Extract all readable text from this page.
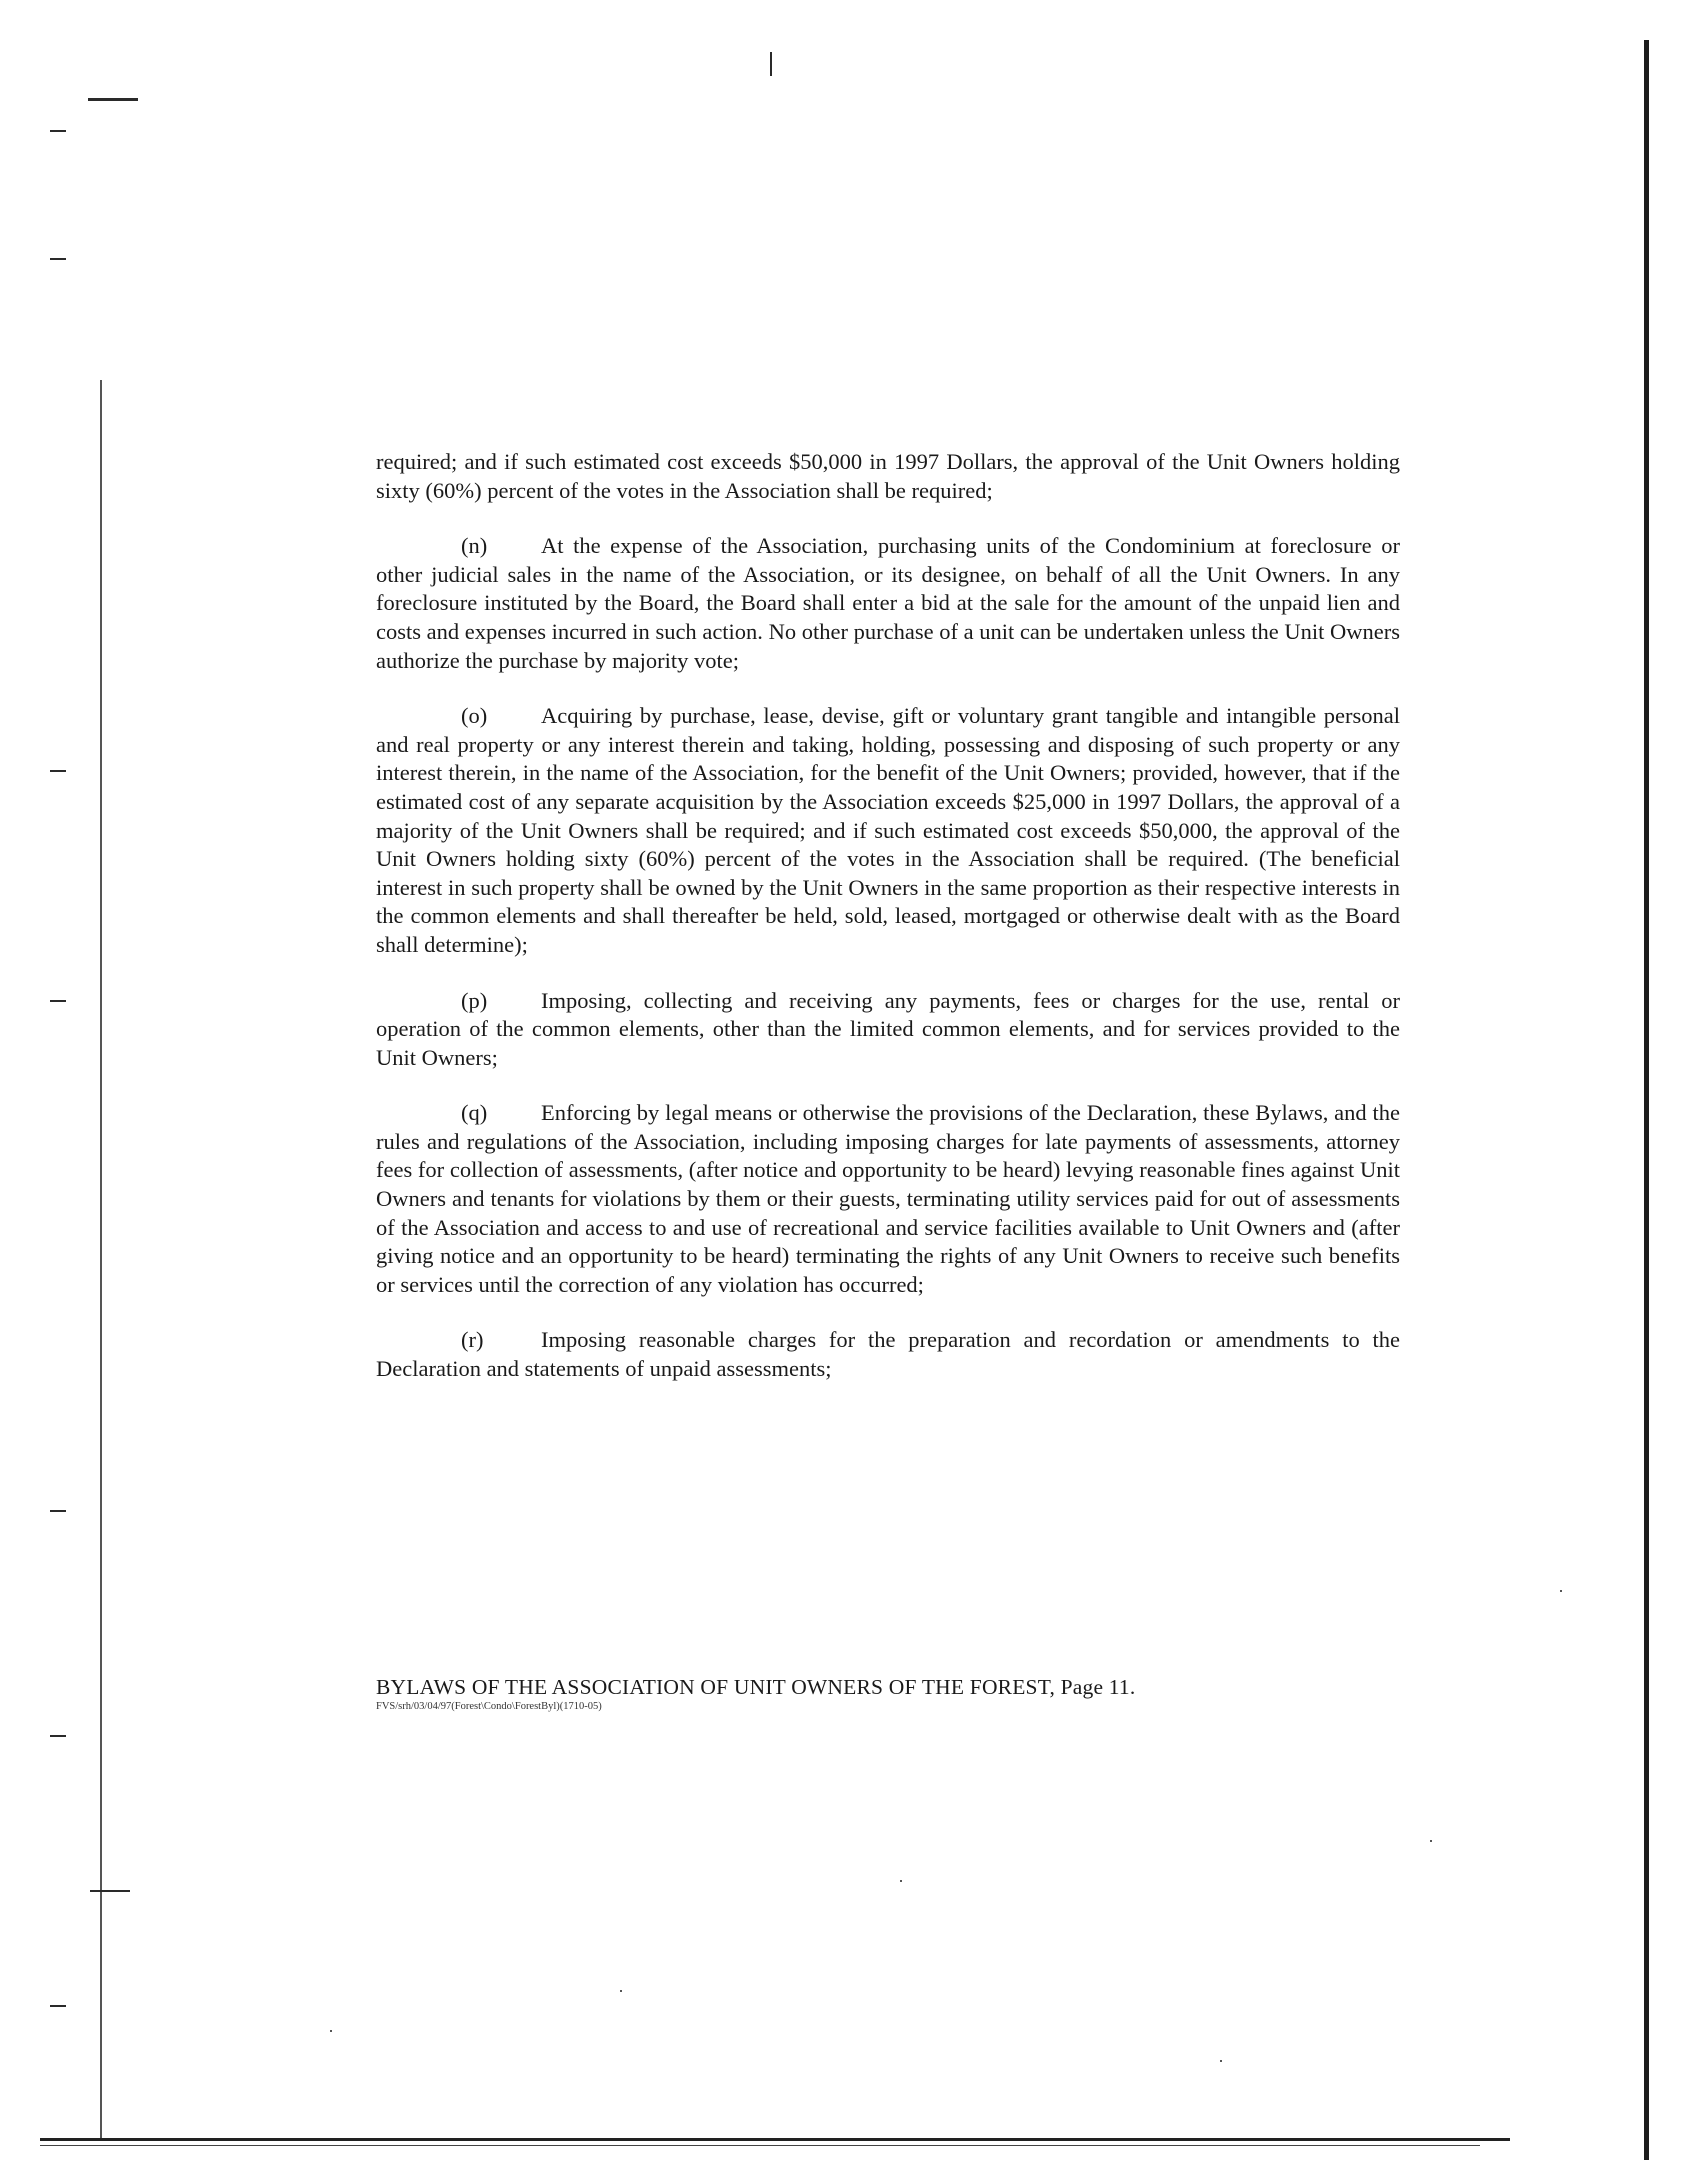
required; and if such estimated cost exceeds $50,000 in 1997 Dollars, the approval of the Unit Owners holding sixty (60%) percent of the votes in the Association shall be required;

(n) At the expense of the Association, purchasing units of the Condominium at foreclosure or other judicial sales in the name of the Association, or its designee, on behalf of all the Unit Owners. In any foreclosure instituted by the Board, the Board shall enter a bid at the sale for the amount of the unpaid lien and costs and expenses incurred in such action. No other purchase of a unit can be undertaken unless the Unit Owners authorize the purchase by majority vote;

(o) Acquiring by purchase, lease, devise, gift or voluntary grant tangible and intangible personal and real property or any interest therein and taking, holding, possessing and disposing of such property or any interest therein, in the name of the Association, for the benefit of the Unit Owners; provided, however, that if the estimated cost of any separate acquisition by the Association exceeds $25,000 in 1997 Dollars, the approval of a majority of the Unit Owners shall be required; and if such estimated cost exceeds $50,000, the approval of the Unit Owners holding sixty (60%) percent of the votes in the Association shall be required. (The beneficial interest in such property shall be owned by the Unit Owners in the same proportion as their respective interests in the common elements and shall thereafter be held, sold, leased, mortgaged or otherwise dealt with as the Board shall determine);

(p) Imposing, collecting and receiving any payments, fees or charges for the use, rental or operation of the common elements, other than the limited common elements, and for services provided to the Unit Owners;

(q) Enforcing by legal means or otherwise the provisions of the Declaration, these Bylaws, and the rules and regulations of the Association, including imposing charges for late payments of assessments, attorney fees for collection of assessments, (after notice and opportunity to be heard) levying reasonable fines against Unit Owners and tenants for violations by them or their guests, terminating utility services paid for out of assessments of the Association and access to and use of recreational and service facilities available to Unit Owners and (after giving notice and an opportunity to be heard) terminating the rights of any Unit Owners to receive such benefits or services until the correction of any violation has occurred;

(r)	Imposing reasonable charges for the preparation and recordation or amendments to the Declaration and statements of unpaid assessments;

BYLAWS OF THE ASSOCIATION OF UNIT OWNERS OF THE FOREST, Page 11.
FVS/srh/03/04/97(Forest\Condo\ForestByl)(1710-05)
